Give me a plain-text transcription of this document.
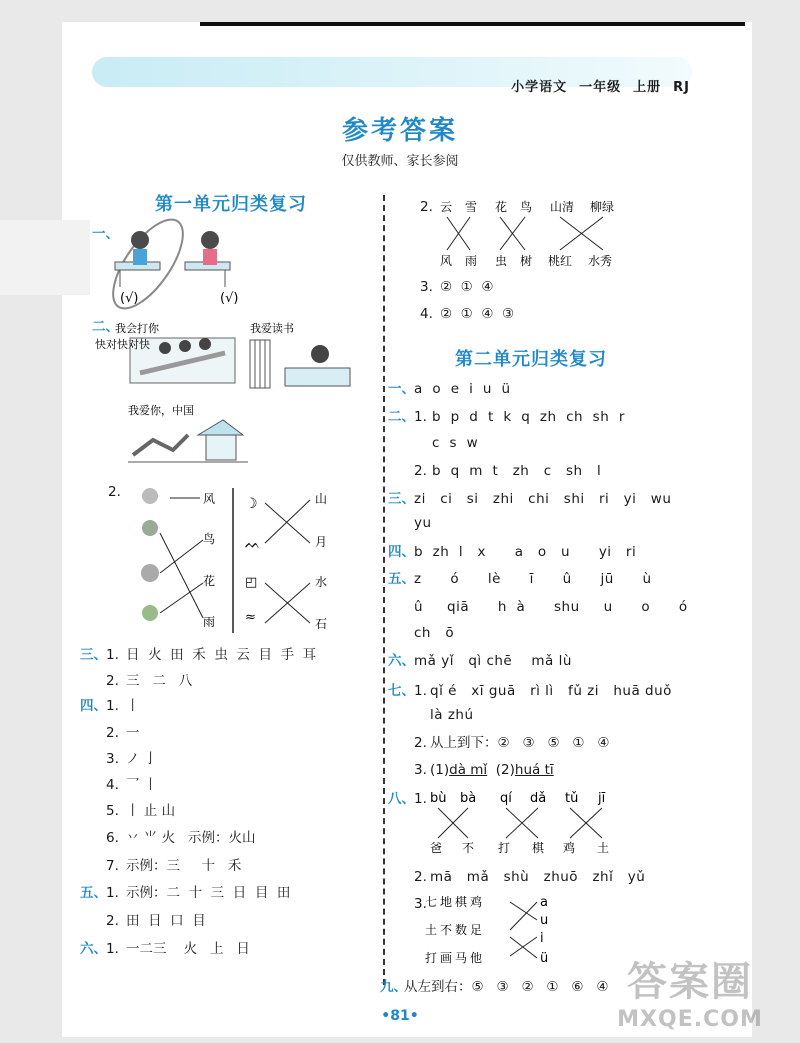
小学语文 一年级 上册 RJ
参考答案
仅供教师、家长参阅
第一单元归类复习
一、
(√)	(√)
二、
我会打你
快对快对快
我爱读书
我爱你，中国
2.	风
鸟
花
雨
☽
ᨓ
◰
≈
山
月
水
石
三、 1. 日  火  田  禾  虫  云  目  手  耳
2. 三   二   八
四、 1. 丨
2. 一
3. ノ 亅
4. 乛 丨
5. 丨 止 山
6. 丷 ⺌ 火   示例：火山
7. 示例：三     十   禾
五、 1. 示例：二  十  三  日  目  田
2. 田  日  口  目
六、 1. 一二三    火   上   日
2. 云 雪 花 鸟 山清 柳绿
风 雨 虫 树 桃红 水秀
3. ②  ①  ④
4. ②  ①  ④  ③
第二单元归类复习
一、 a  o  e  i  u  ü
二、 1. b  p  d  t  k  q  zh  ch  sh  r
c  s  w
2. b  q  m  t   zh   c   sh   l
三、 zi   ci   si   zhi   chi   shi   ri   yi   wu
yu
四、 b  zh  l   x      a   o   u      yi   ri
五、 z      ó      lè      ī      û      jū      ù
û     qiā      h  à      shu     u      o      ó
ch   ō
六、 mǎ yǐ   qì chē    mǎ lù
七、 1. qǐ é   xī guā   rì lì   fǔ zi   huā duǒ
là zhú
2. 从上到下：②   ③   ⑤   ①   ④
3. (1)dà mǐ (2)huá tī
八、 1. bù bà qí dǎ tǔ jī
爸 不 打 棋 鸡 土
2. mā   mǎ   shù   zhuō   zhǐ   yǔ
3.
七地棋鸡
土不数足
打画马他
a
u
i
ü
九、
从左到右：⑤   ③   ②   ①   ⑥   ④
•81•
答案圈
MXQE.COM
